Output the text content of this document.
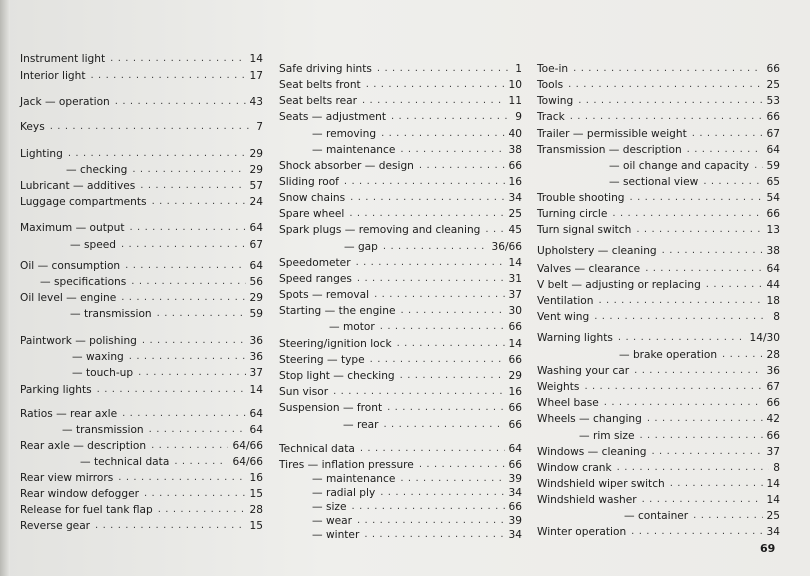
Instrument light . . .	14
Interior light . . .	17
Jack — operation . . .	43
Keys . . .	7
Lighting . . .	29
— checking . . .	29
Lubricant — additives . . .	57
Luggage compartments . . .	24
Maximum — output . . .	64
— speed . . .	67
Oil — consumption . . .	64
— specifications . . .	56
Oil level — engine . . .	29
— transmission . . .	59
Paintwork — polishing . . .	36
— waxing . . .	36
— touch-up . . .	37
Parking lights . . .	14
Ratios — rear axle . . .	64
— transmission . . .	64
Rear axle — description . . .	64/66
— technical data . . .	64/66
Rear view mirrors . . .	16
Rear window defogger . . .	15
Release for fuel tank flap . . .	28
Reverse gear . . .	15
Safe driving hints . . .	1
Seat belts front . . .	10
Seat belts rear . . .	11
Seats — adjustment . . .	9
— removing . . .	40
— maintenance . . .	38
Shock absorber — design . . .	66
Sliding roof . . .	16
Snow chains . . .	34
Spare wheel . . .	25
Spark plugs — removing and cleaning . . .	45
— gap . . .	36/66
Speedometer . . .	14
Speed ranges . . .	31
Spots — removal . . .	37
Starting — the engine . . .	30
— motor . . .	66
Steering/ignition lock . . .	14
Steering — type . . .	66
Stop light — checking . . .	29
Sun visor . . .	16
Suspension — front . . .	66
— rear . . .	66
Technical data . . .	64
Tires — inflation pressure . . .	66
— maintenance . . .	39
— radial ply . . .	34
— size . . .	66
— wear . . .	39
— winter . . .	34
Toe-in . . .	66
Tools . . .	25
Towing . . .	53
Track . . .	66
Trailer — permissible weight . . .	67
Transmission — description . . .	64
— oil change and capacity . . . 59
— sectional view . . .	65
Trouble shooting . . .	54
Turning circle . . .	66
Turn signal switch . . .	13
Upholstery — cleaning . . .	38
Valves — clearance . . .	64
V belt — adjusting or replacing . . .	44
Ventilation . . .	18
Vent wing . . .	8
Warning lights . . .	14/30
— brake operation . . .	28
Washing your car . . .	36
Weights . . .	67
Wheel base . . .	66
Wheels — changing . . .	42
— rim size . . .	66
Windows — cleaning . . .	37
Window crank . . .	8
Windshield wiper switch . . .	14
Windshield washer . . .	14
— container . . .	25
Winter operation . . .	34
69
